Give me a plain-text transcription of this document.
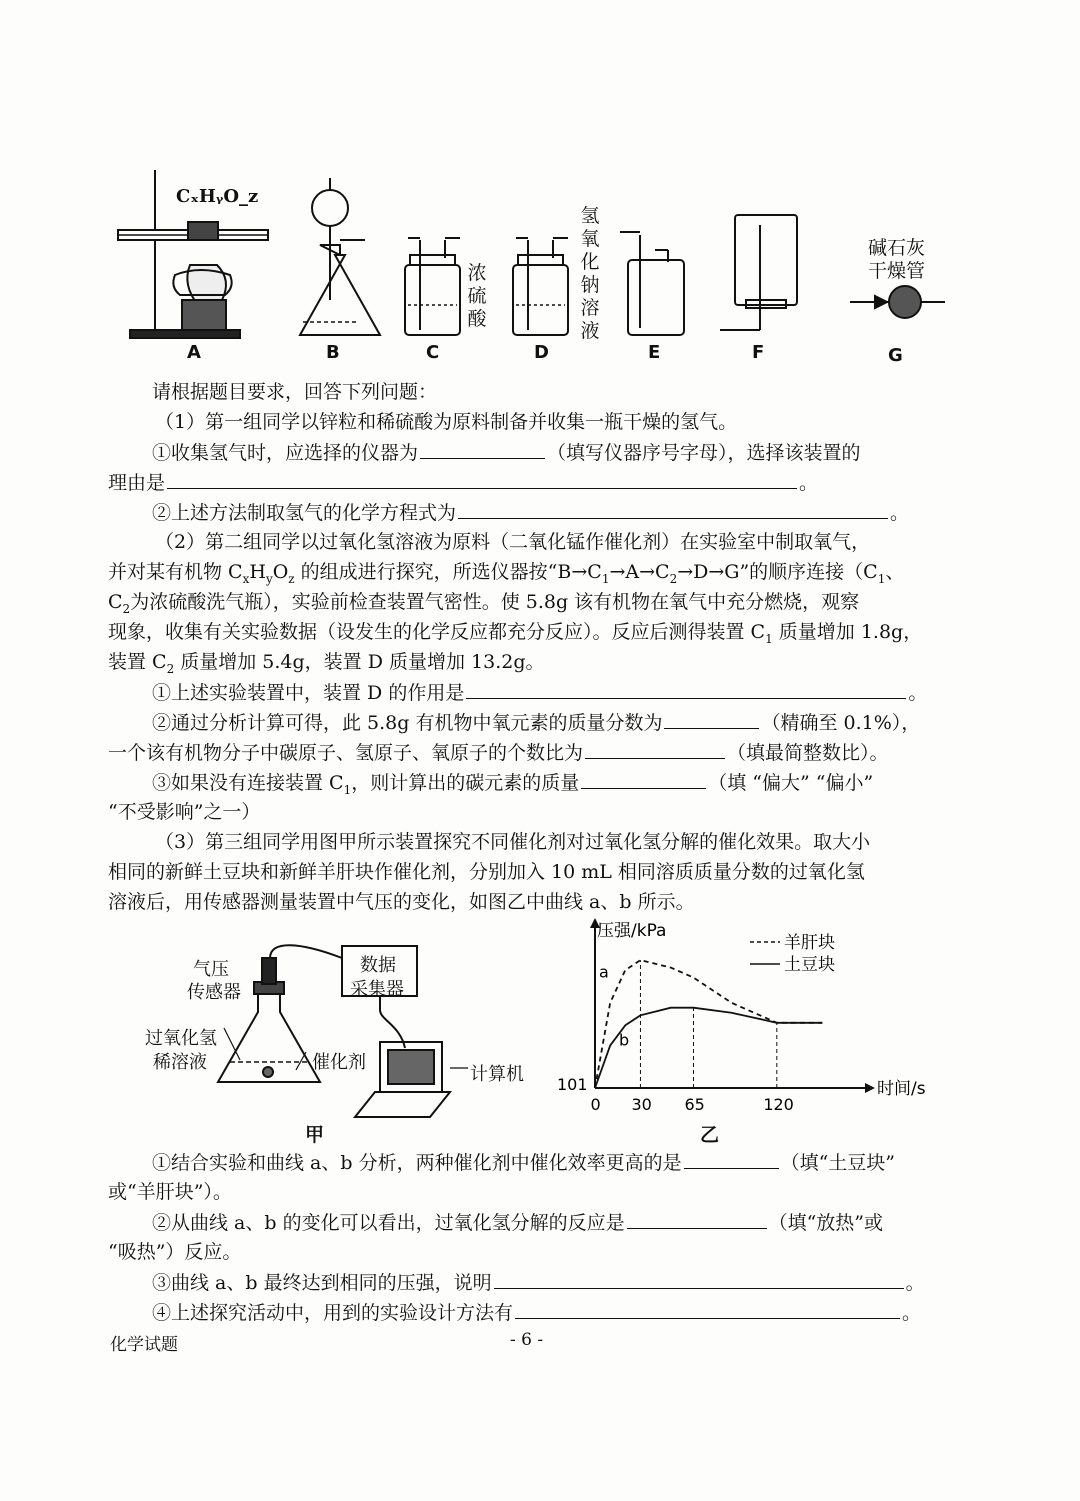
CₓHᵧO_z
A	B	C	D	E	F	G
浓硫酸
氢氧化钠溶液
碱石灰
干燥管
请根据题目要求，回答下列问题：
（1）第一组同学以锌粒和稀硫酸为原料制备并收集一瓶干燥的氢气。
①收集氢气时，应选择的仪器为	（填写仪器序号字母），选择该装置的
理由是	。
②上述方法制取氢气的化学方程式为	。
（2）第二组同学以过氧化氢溶液为原料（二氧化锰作催化剂）在实验室中制取氧气，
并对某有机物 $C_xH_yO_z$ 的组成进行探究，所选仪器按“$B\to C_1\to A\to C_2\to D\to G$”的顺序连接（$C_1$、
$C_2$为浓硫酸洗气瓶），实验前检查装置气密性。使 5.8g 该有机物在氧气中充分燃烧，观察
现象，收集有关实验数据（设发生的化学反应都充分反应）。反应后测得装置 $C_1$ 质量增加 1.8g，
装置 $C_2$ 质量增加 5.4g，装置 D 质量增加 13.2g。
①上述实验装置中，装置 D 的作用是	。
②通过分析计算可得，此 5.8g 有机物中氧元素的质量分数为	（精确至 0.1%），
一个该有机物分子中碳原子、氢原子、氧原子的个数比为	（填最简整数比）。
③如果没有连接装置 $C_1$，则计算出的碳元素的质量	（填 “偏大” “偏小”
“不受影响”之一）
（3）第三组同学用图甲所示装置探究不同催化剂对过氧化氢分解的催化效果。取大小
相同的新鲜土豆块和新鲜羊肝块作催化剂，分别加入 10 mL 相同溶质质量分数的过氧化氢
溶液后，用传感器测量装置中气压的变化，如图乙中曲线 a、b 所示。
气压
传感器
数据
采集器
过氧化氢
稀溶液	催化剂
计算机
甲
压强/kPa
时间/s
101
0 30 65	120
羊肝块
土豆块
a
b
乙
①结合实验和曲线 a、b 分析，两种催化剂中催化效率更高的是	（填“土豆块”
或“羊肝块”）。
②从曲线 a、b 的变化可以看出，过氧化氢分解的反应是	（填“放热”或
“吸热”）反应。
③曲线 a、b 最终达到相同的压强，说明	。
④上述探究活动中，用到的实验设计方法有	。
化学试题	- 6 -
